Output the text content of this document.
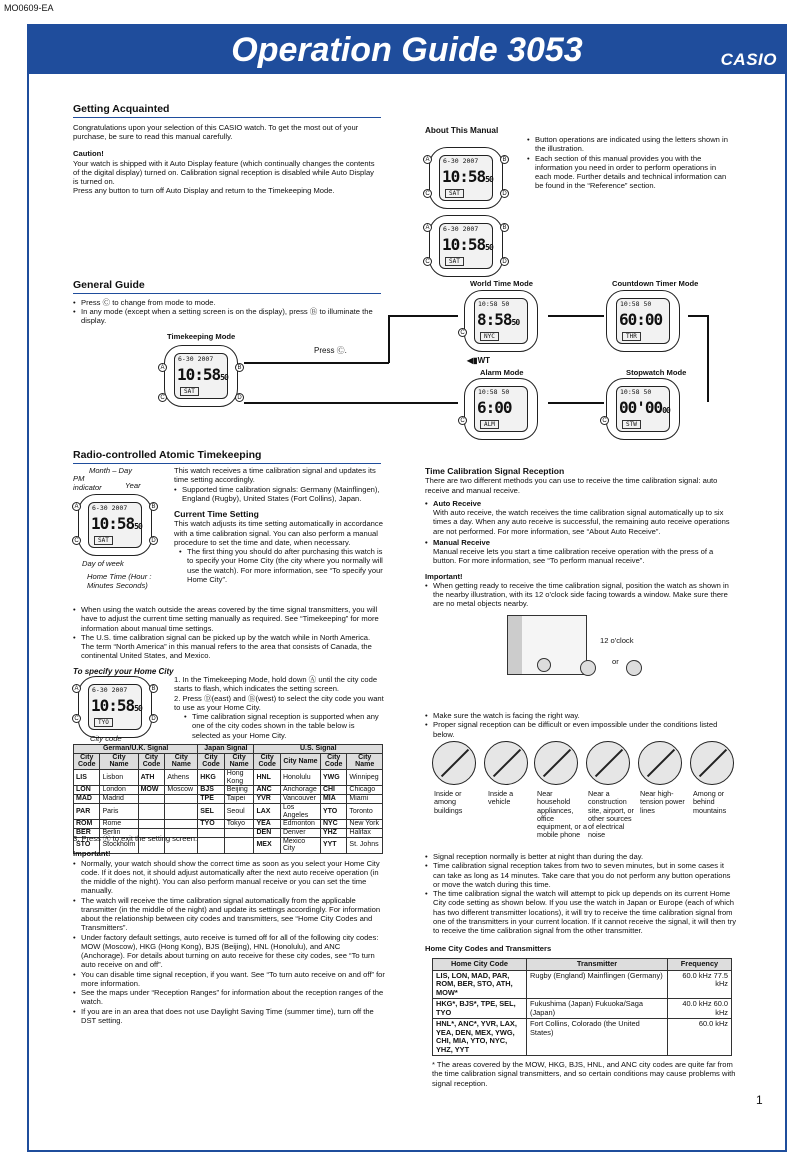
MO0609-EA
Operation Guide 3053	CASIO
Getting Acquainted

Congratulations upon your selection of this CASIO watch. To get the most out of your purchase, be sure to read this manual carefully.

Caution!

Your watch is shipped with it Auto Display feature (which continually changes the contents of the digital display) turned on. Calibration signal reception is disabled while Auto Display is turned on.

Press any button to turn off Auto Display and return to the Timekeeping Mode.

About This Manual

• Button operations are indicated using the letters shown in the illustration.

• Each section of this manual provides you with the information you need in order to perform operations in each mode. Further details and technical information can be found in the “Reference” section.

6-30 2007
10:5850
SAT
A	B
C	D
6-30 2007
10:5850
SAT
A	B
C	D
General Guide

• Press Ⓒ to change from mode to mode.

• In any mode (except when a setting screen is on the display), press Ⓑ to illuminate the display.

Timekeeping Mode
6-30 2007
10:5850
SAT
A	B
C	D
Press Ⓒ.
World Time Mode	Countdown Timer Mode
Alarm Mode	Stopwatch Mode
10:58 50
8:5850
NYC
C
◀▮WT
10:58 50
60:00
THR
10:58 50
6:00
ALM
C
10:58 50
00'0000
STW
C
Radio-controlled Atomic Timekeeping
Month – Day
PM indicator	Year
6-30 2007
10:5850
SAT
A	B
C	D
Day of week
Home Time (Hour : Minutes Seconds)

This watch receives a time calibration signal and updates its time setting accordingly.

• Supported time calibration signals: Germany (Mainflingen), England (Rugby), United States (Fort Collins), Japan.

Current Time Setting

This watch adjusts its time setting automatically in accordance with a time calibration signal. You can also perform a manual procedure to set the time and date, when necessary.

• The first thing you should do after purchasing this watch is to specify your Home City (the city where you normally will use the watch). For more information, see “To specify your Home City”.

• When using the watch outside the areas covered by the time signal transmitters, you will have to adjust the current time setting manually as required. See “Timekeeping” for more information about manual time settings.

• The U.S. time calibration signal can be picked up by the watch while in North America. The term “North America” in this manual refers to the area that consists of Canada, the continental United States, and Mexico.

To specify your Home City

6-30 2007
10:5850
TYO
A	B
C	D
City code

1. In the Timekeeping Mode, hold down Ⓐ until the city code starts to flash, which indicates the setting screen.

2. Press Ⓓ(east) and Ⓑ(west) to select the city code you want to use as your Home City.

• Time calibration signal reception is supported when any one of the city codes shown in the table below is selected as your Home City.

German/U.K. Signal				Japan Signal		U.S. Signal			
City Code	City Name	City Code	City Name	City Code	City Name	City Code	City Name	City Code	City Name
LIS	Lisbon	ATH	Athens	HKG	Hong Kong	HNL	Honolulu	YWG	Winnipeg
LON	London	MOW	Moscow	BJS	Beijing	ANC	Anchorage	CHI	Chicago
MAD	Madrid			TPE	Taipei	YVR	Vancouver	MIA	Miami
PAR	Paris			SEL	Seoul	LAX	Los Angeles	YTO	Toronto
ROM	Rome			TYO	Tokyo	YEA	Edmonton	NYC	New York
BER	Berlin					DEN	Denver	YHZ	Halifax
STO	Stockholm					MEX	Mexico City	YYT	St. Johns

3. Press Ⓐ to exit the setting screen.

Important!

• Normally, your watch should show the correct time as soon as you select your Home City code. If it does not, it should adjust automatically after the next auto receive operation (in the middle of the night). You can also perform manual receive or you can set the time manually.

• The watch will receive the time calibration signal automatically from the applicable transmitter (in the middle of the night) and update its settings accordingly. For information about the relationship between city codes and transmitters, see “Home City Codes and Transmitters”.

• Under factory default settings, auto receive is turned off for all of the following city codes: MOW (Moscow), HKG (Hong Kong), BJS (Beijing), HNL (Honolulu), and ANC (Anchorage). For details about turning on auto receive for these city codes, see “To turn auto receive on and off”.

• You can disable time signal reception, if you want. See “To turn auto receive on and off” for more information.

• See the maps under “Reception Ranges” for information about the reception ranges of the watch.

• If you are in an area that does not use Daylight Saving Time (summer time), turn off the DST setting.

Time Calibration Signal Reception

There are two different methods you can use to receive the time calibration signal: auto receive and manual receive.

• Auto Receive

With auto receive, the watch receives the time calibration signal automatically up to six times a day. When any auto receive is successful, the remaining auto receive operations are not performed. For more information, see “About Auto Receive”.

• Manual Receive

Manual receive lets you start a time calibration receive operation with the press of a button. For more information, see “To perform manual receive”.

Important!

• When getting ready to receive the time calibration signal, position the watch as shown in the nearby illustration, with its 12 o'clock side facing towards a window. Make sure there are no metal objects nearby.

12 o'clock
or

• Make sure the watch is facing the right way.

• Proper signal reception can be difficult or even impossible under the conditions listed below.

Inside or among buildings
Inside a vehicle
Near household appliances, office equipment, or a mobile phone
Near a construction site, airport, or other sources of electrical noise
Near high-tension power lines
Among or behind mountains

• Signal reception normally is better at night than during the day.

• Time calibration signal reception takes from two to seven minutes, but in some cases it can take as long as 14 minutes. Take care that you do not perform any button operations or move the watch during this time.

• The time calibration signal the watch will attempt to pick up depends on its current Home City code setting as shown below. If you use the watch in Japan or Europe (each of which has two different transmitter locations), it will try to receive the time calibration signal from one of the transmitters in your current location. If it cannot receive the signal, it will then try to receive the time calibration signal from the other transmitter.

Home City Codes and Transmitters

Home City Code	Transmitter	Frequency
LIS, LON, MAD, PAR, ROM, BER, STO, ATH, MOW*	Rugby (England) Mainflingen (Germany)	60.0 kHz 77.5 kHz
HKG*, BJS*, TPE, SEL, TYO	Fukushima (Japan) Fukuoka/Saga (Japan)	40.0 kHz 60.0 kHz
HNL*, ANC*, YVR, LAX, YEA, DEN, MEX, YWG, CHI, MIA, YTO, NYC, YHZ, YYT	Fort Collins, Colorado (the United States)	60.0 kHz
* The areas covered by the MOW, HKG, BJS, HNL, and ANC city codes are quite far from the time calibration signal transmitters, and so certain conditions may cause problems with signal reception.
1
